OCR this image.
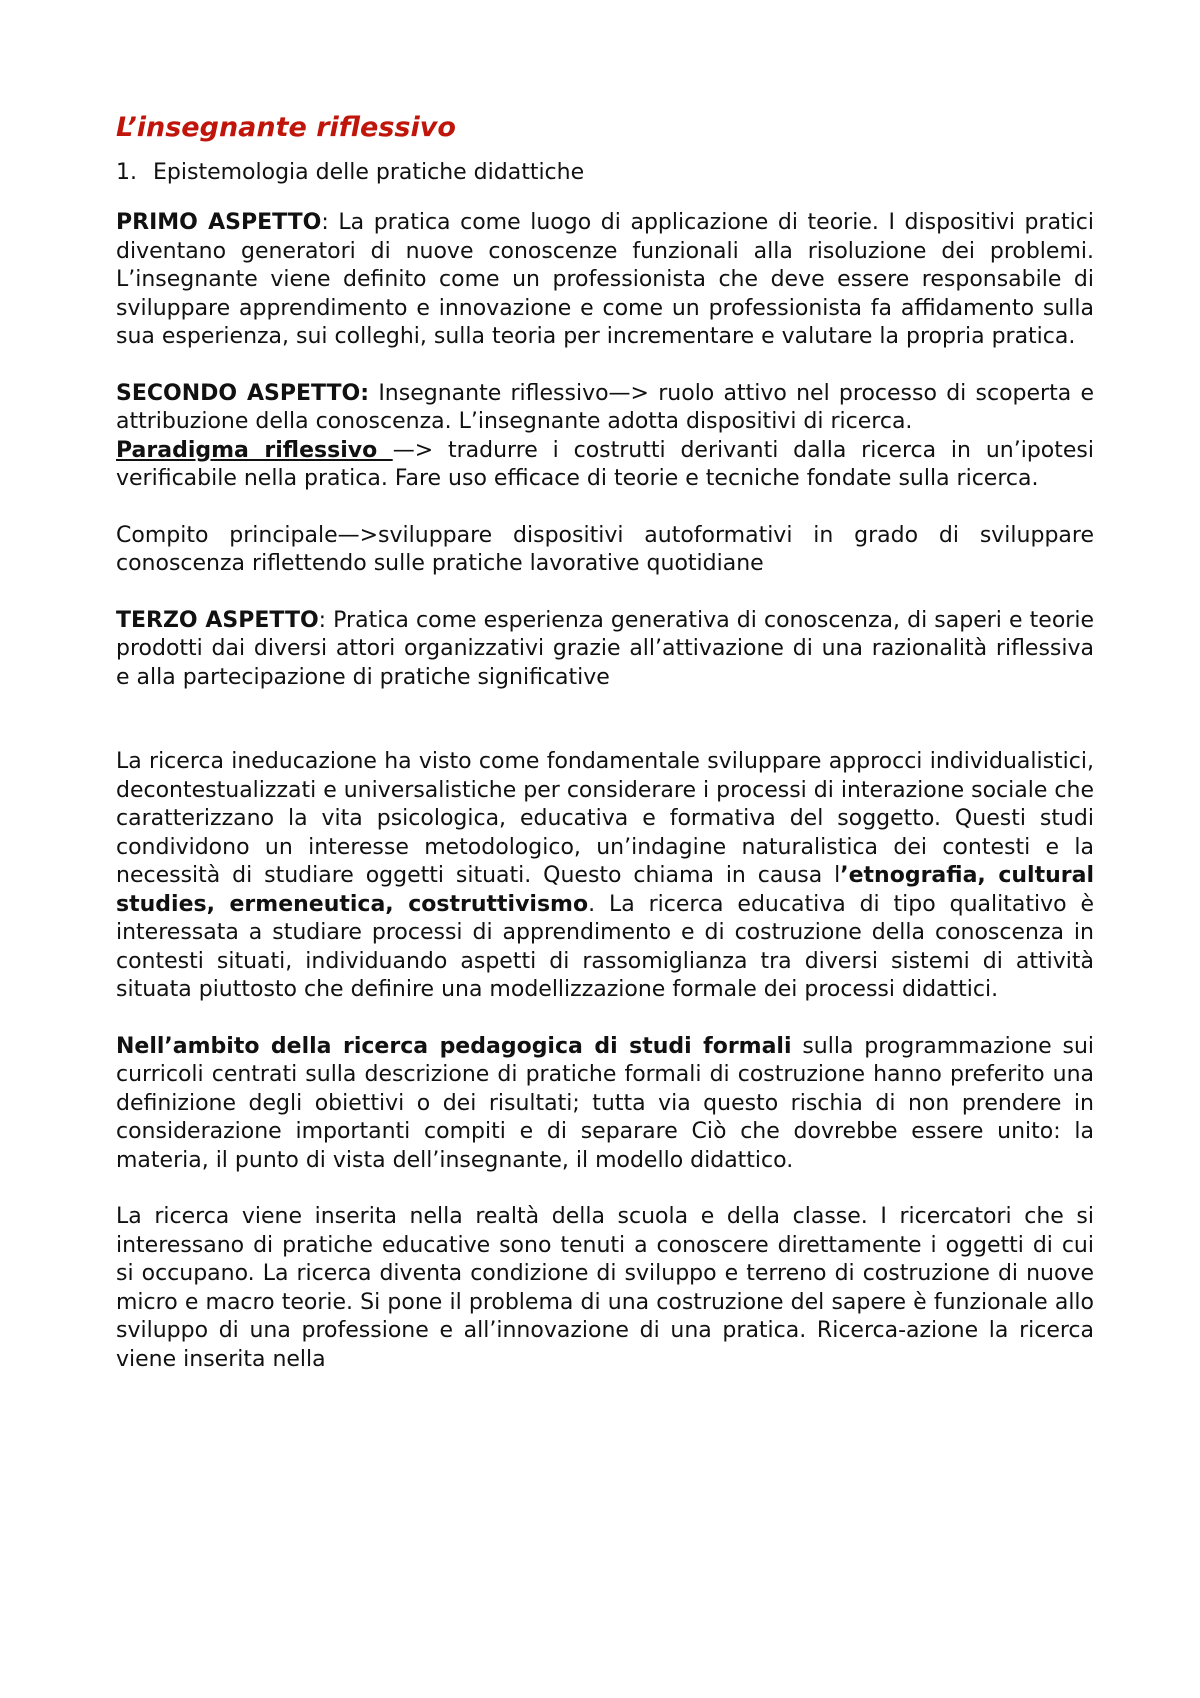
L’insegnante riflessivo
1. Epistemologia delle pratiche didattiche

PRIMO ASPETTO: La pratica come luogo di applicazione di teorie. I dispositivi pratici diventano generatori di nuove conoscenze funzionali alla risoluzione dei problemi. L’insegnante viene definito come un professionista che deve essere responsabile di sviluppare apprendimento e innovazione e come un professionista fa affidamento sulla sua esperienza, sui colleghi, sulla teoria per incrementare e valutare la propria pratica.

SECONDO ASPETTO: Insegnante riflessivo—> ruolo attivo nel processo di scoperta e attribuzione della conoscenza. L’insegnante adotta dispositivi di ricerca.

Paradigma riflessivo —> tradurre i costrutti derivanti dalla ricerca in un’ipotesi verificabile nella pratica. Fare uso efficace di teorie e tecniche fondate sulla ricerca.

Compito principale—>sviluppare dispositivi autoformativi in grado di sviluppare conoscenza riflettendo sulle pratiche lavorative quotidiane

TERZO ASPETTO: Pratica come esperienza generativa di conoscenza, di saperi e teorie prodotti dai diversi attori organizzativi grazie all’attivazione di una razionalità riflessiva e alla partecipazione di pratiche significative

La ricerca ineducazione ha visto come fondamentale sviluppare approcci individualistici, decontestualizzati e universalistiche per considerare i processi di interazione sociale che caratterizzano la vita psicologica, educativa e formativa del soggetto. Questi studi condividono un interesse metodologico, un’indagine naturalistica dei contesti e la necessità di studiare oggetti situati. Questo chiama in causa l’etnografia, cultural studies, ermeneutica, costruttivismo. La ricerca educativa di tipo qualitativo è interessata a studiare processi di apprendimento e di costruzione della conoscenza in contesti situati, individuando aspetti di rassomiglianza tra diversi sistemi di attività situata piuttosto che definire una modellizzazione formale dei processi didattici.

Nell’ambito della ricerca pedagogica di studi formali sulla programmazione sui curricoli centrati sulla descrizione di pratiche formali di costruzione hanno preferito una definizione degli obiettivi o dei risultati; tutta via questo rischia di non prendere in considerazione importanti compiti e di separare Ciò che dovrebbe essere unito: la materia, il punto di vista dell’insegnante, il modello didattico.

La ricerca viene inserita nella realtà della scuola e della classe. I ricercatori che si interessano di pratiche educative sono tenuti a conoscere direttamente i oggetti di cui si occupano. La ricerca diventa condizione di sviluppo e terreno di costruzione di nuove micro e macro teorie. Si pone il problema di una costruzione del sapere è funzionale allo sviluppo di una professione e all’innovazione di una pratica. Ricerca-azione la ricerca viene inserita nella
